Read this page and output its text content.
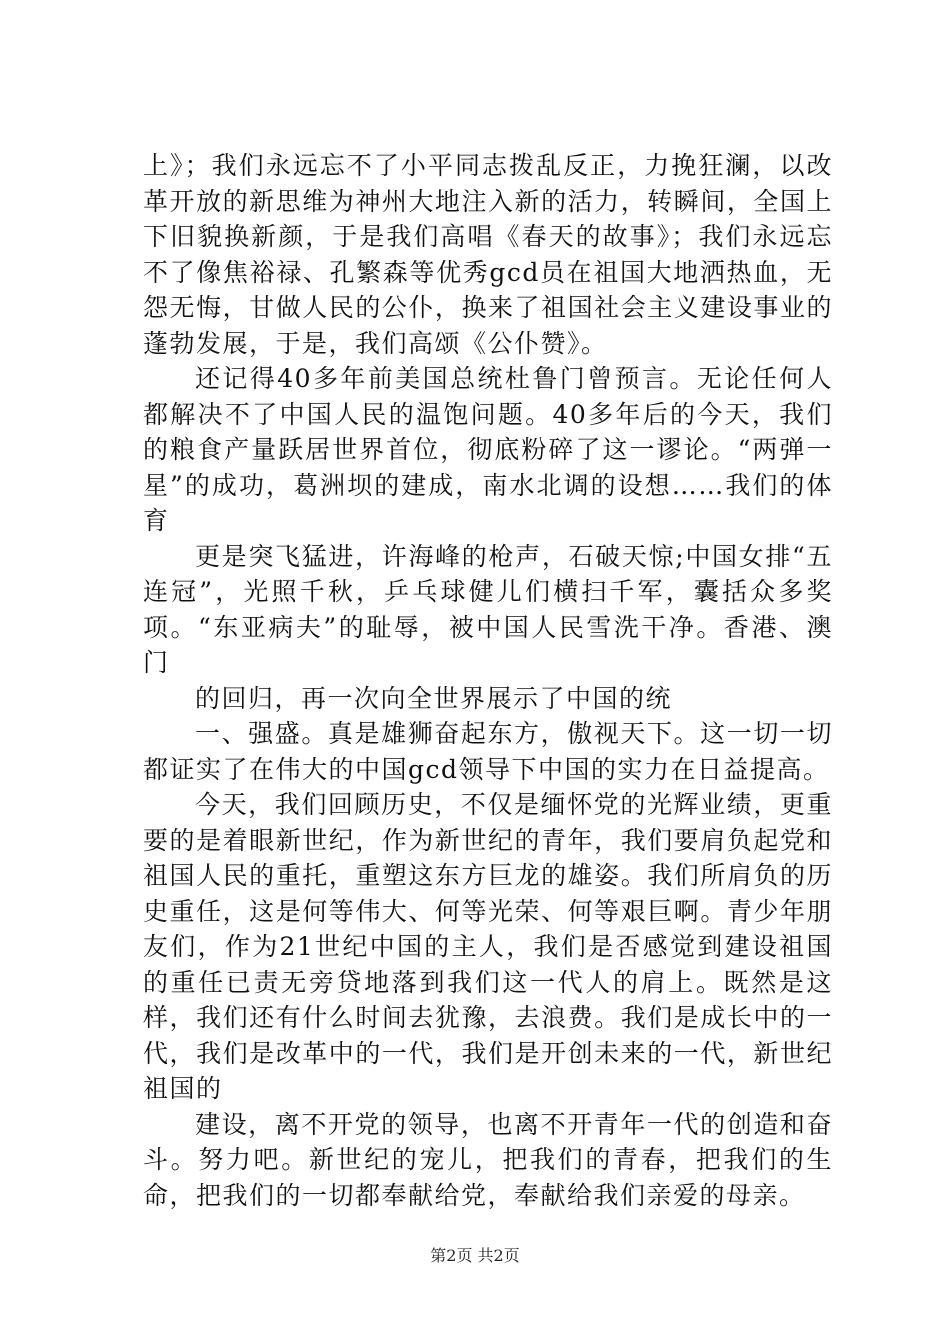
上》；我们永远忘不了小平同志拨乱反正，力挽狂澜，以改革开放的新思维为神州大地注入新的活力，转瞬间，全国上下旧貌换新颜，于是我们高唱《春天的故事》；我们永远忘不了像焦裕禄、孔繁森等优秀gcd员在祖国大地洒热血，无怨无悔，甘做人民的公仆，换来了祖国社会主义建设事业的蓬勃发展，于是，我们高颂《公仆赞》。

还记得40多年前美国总统杜鲁门曾预言。无论任何人都解决不了中国人民的温饱问题。40多年后的今天，我们的粮食产量跃居世界首位，彻底粉碎了这一谬论。“两弹一星”的成功，葛洲坝的建成，南水北调的设想……我们的体育

更是突飞猛进，许海峰的枪声，石破天惊;中国女排“五连冠”，光照千秋，乒乓球健儿们横扫千军，囊括众多奖项。“东亚病夫”的耻辱，被中国人民雪洗干净。香港、澳门

的回归，再一次向全世界展示了中国的统

一、强盛。真是雄狮奋起东方，傲视天下。这一切一切都证实了在伟大的中国gcd领导下中国的实力在日益提高。

今天，我们回顾历史，不仅是缅怀党的光辉业绩，更重要的是着眼新世纪，作为新世纪的青年，我们要肩负起党和祖国人民的重托，重塑这东方巨龙的雄姿。我们所肩负的历史重任，这是何等伟大、何等光荣、何等艰巨啊。青少年朋友们，作为21世纪中国的主人，我们是否感觉到建设祖国的重任已责无旁贷地落到我们这一代人的肩上。既然是这样，我们还有什么时间去犹豫，去浪费。我们是成长中的一代，我们是改革中的一代，我们是开创未来的一代，新世纪祖国的

建设，离不开党的领导，也离不开青年一代的创造和奋斗。努力吧。新世纪的宠儿，把我们的青春，把我们的生命，把我们的一切都奉献给党，奉献给我们亲爱的母亲。

第2页 共2页
